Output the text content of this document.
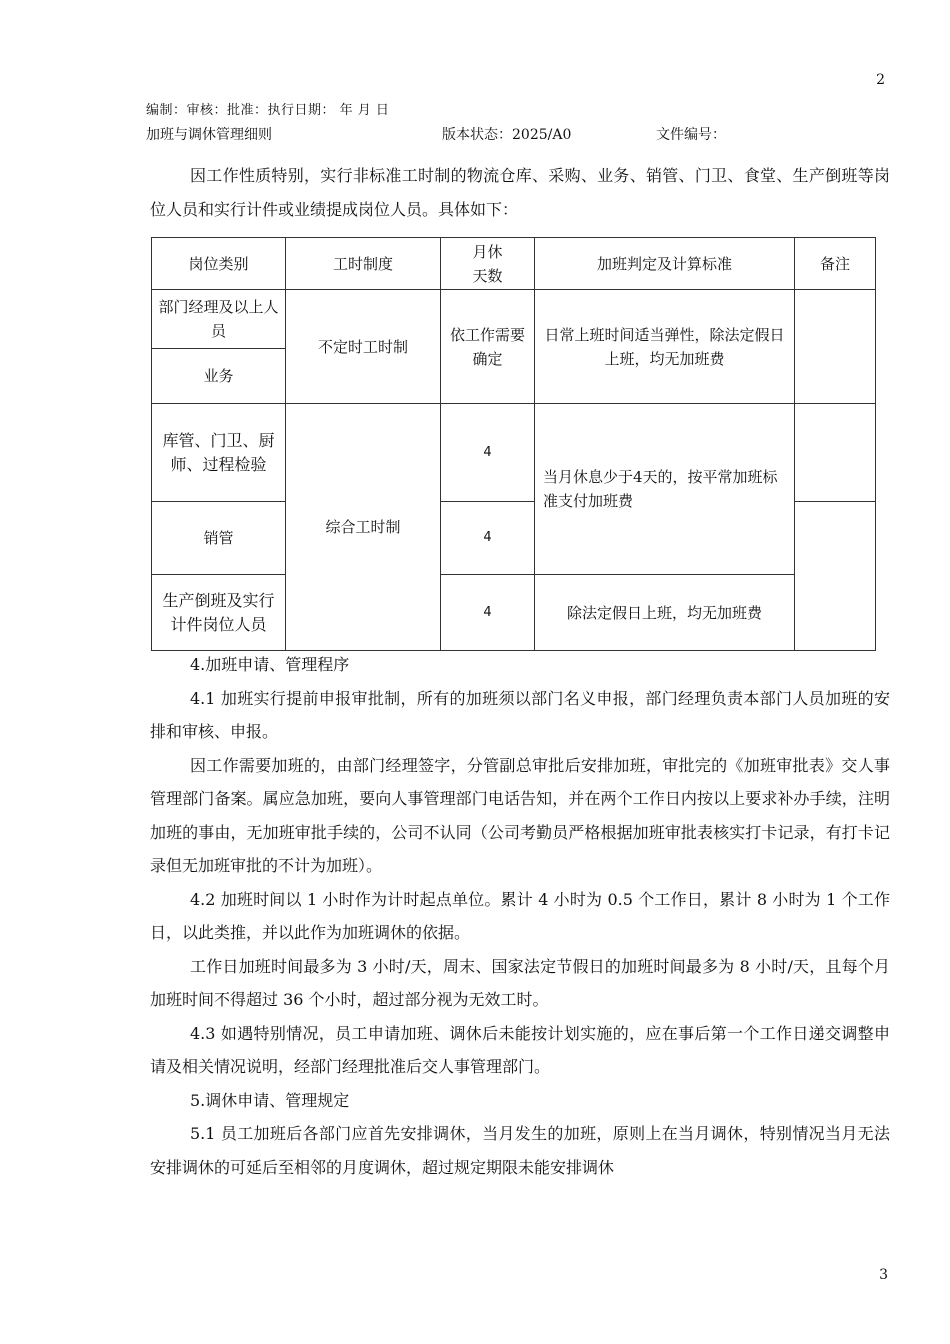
2
编制：审核：批准：执行日期： 年 月 日
加班与调休管理细则	版本状态：2025/A0	文件编号：
因工作性质特别，实行非标准工时制的物流仓库、采购、业务、销管、门卫、食堂、生产倒班等岗位人员和实行计件或业绩提成岗位人员。具体如下：
岗位类别	工时制度	月休天数	加班判定及计算标准	备注
部门经理及以上人员	不定时工时制	依工作需要确定	日常上班时间适当弹性，除法定假日上班，均无加班费	
业务				
库管、门卫、厨师、过程检验	综合工时制	4	当月休息少于4天的，按平常加班标准支付加班费	
销管		4		
生产倒班及实行计件岗位人员		4	除法定假日上班，均无加班费	

4.加班申请、管理程序

4.1 加班实行提前申报审批制，所有的加班须以部门名义申报，部门经理负责本部门人员加班的安排和审核、申报。

因工作需要加班的，由部门经理签字，分管副总审批后安排加班，审批完的《加班审批表》交人事管理部门备案。属应急加班，要向人事管理部门电话告知，并在两个工作日内按以上要求补办手续，注明加班的事由，无加班审批手续的，公司不认同（公司考勤员严格根据加班审批表核实打卡记录，有打卡记录但无加班审批的不计为加班）。

4.2 加班时间以 1 小时作为计时起点单位。累计 4 小时为 0.5 个工作日，累计 8 小时为 1 个工作日，以此类推，并以此作为加班调休的依据。

工作日加班时间最多为 3 小时/天，周末、国家法定节假日的加班时间最多为 8 小时/天，且每个月加班时间不得超过 36 个小时，超过部分视为无效工时。

4.3 如遇特别情况，员工申请加班、调休后未能按计划实施的，应在事后第一个工作日递交调整申请及相关情况说明，经部门经理批准后交人事管理部门。

5.调休申请、管理规定

5.1 员工加班后各部门应首先安排调休，当月发生的加班，原则上在当月调休，特别情况当月无法安排调休的可延后至相邻的月度调休，超过规定期限未能安排调休

3
